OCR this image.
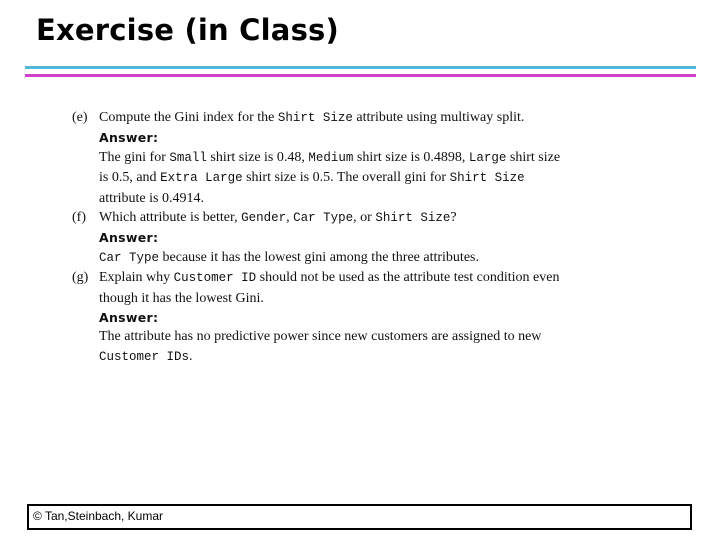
Exercise (in Class)
(e) Compute the Gini index for the Shirt Size attribute using multiway split.
Answer:
The gini for Small shirt size is 0.48, Medium shirt size is 0.4898, Large shirt size is 0.5, and Extra Large shirt size is 0.5. The overall gini for Shirt Size attribute is 0.4914.
(f) Which attribute is better, Gender, Car Type, or Shirt Size?
Answer:
Car Type because it has the lowest gini among the three attributes.
(g) Explain why Customer ID should not be used as the attribute test condition even though it has the lowest Gini.
Answer:
The attribute has no predictive power since new customers are assigned to new Customer IDs.
© Tan,Steinbach, Kumar
